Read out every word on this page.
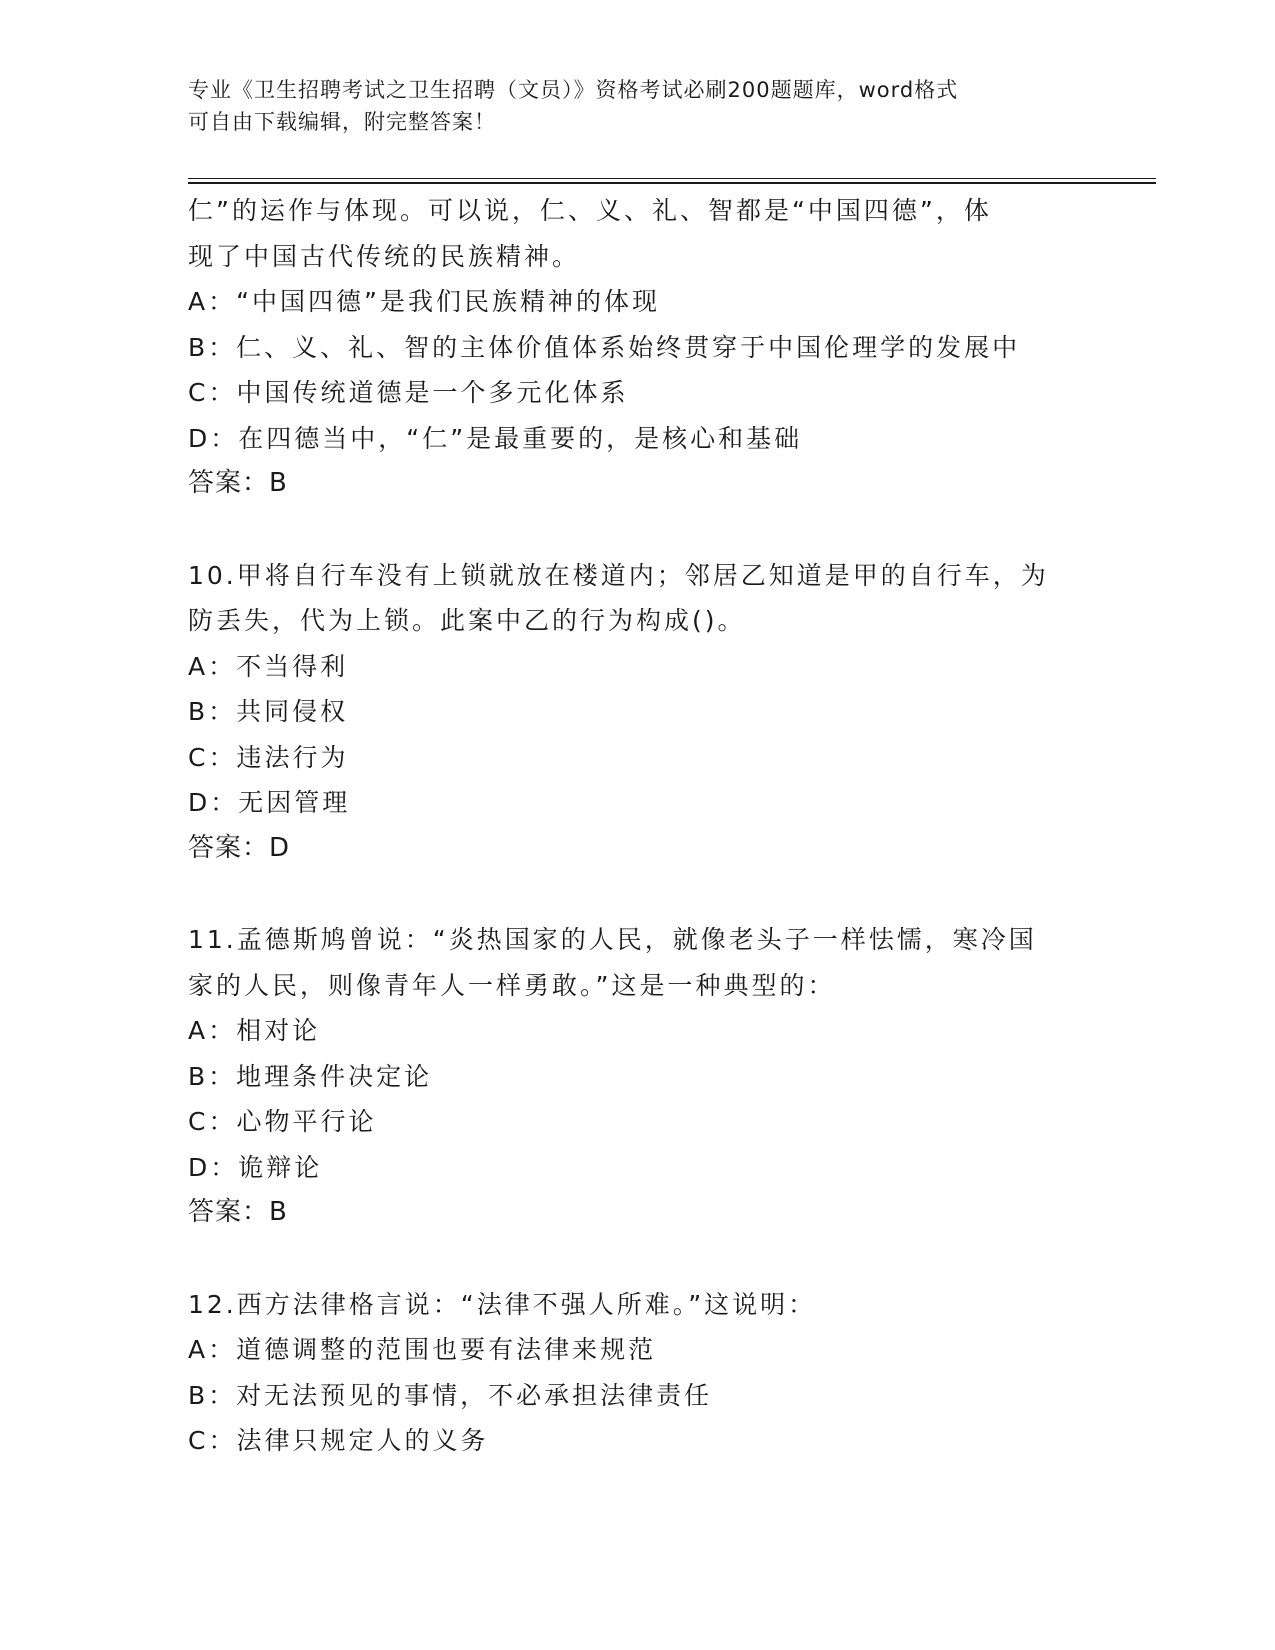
专业《卫生招聘考试之卫生招聘（文员）》资格考试必刷200题题库，word格式
可自由下载编辑，附完整答案！
仁”的运作与体现。可以说，仁、义、礼、智都是“中国四德”，体
现了中国古代传统的民族精神。
A：“中国四德”是我们民族精神的体现
B：仁、义、礼、智的主体价值体系始终贯穿于中国伦理学的发展中
C：中国传统道德是一个多元化体系
D：在四德当中，“仁”是最重要的，是核心和基础
答案：B
10.甲将自行车没有上锁就放在楼道内；邻居乙知道是甲的自行车，为
防丢失，代为上锁。此案中乙的行为构成()。
A：不当得利
B：共同侵权
C：违法行为
D：无因管理
答案：D
11.孟德斯鸠曾说：“炎热国家的人民，就像老头子一样怯懦，寒冷国
家的人民，则像青年人一样勇敢。”这是一种典型的：
A：相对论
B：地理条件决定论
C：心物平行论
D：诡辩论
答案：B
12.西方法律格言说：“法律不强人所难。”这说明：
A：道德调整的范围也要有法律来规范
B：对无法预见的事情，不必承担法律责任
C：法律只规定人的义务
